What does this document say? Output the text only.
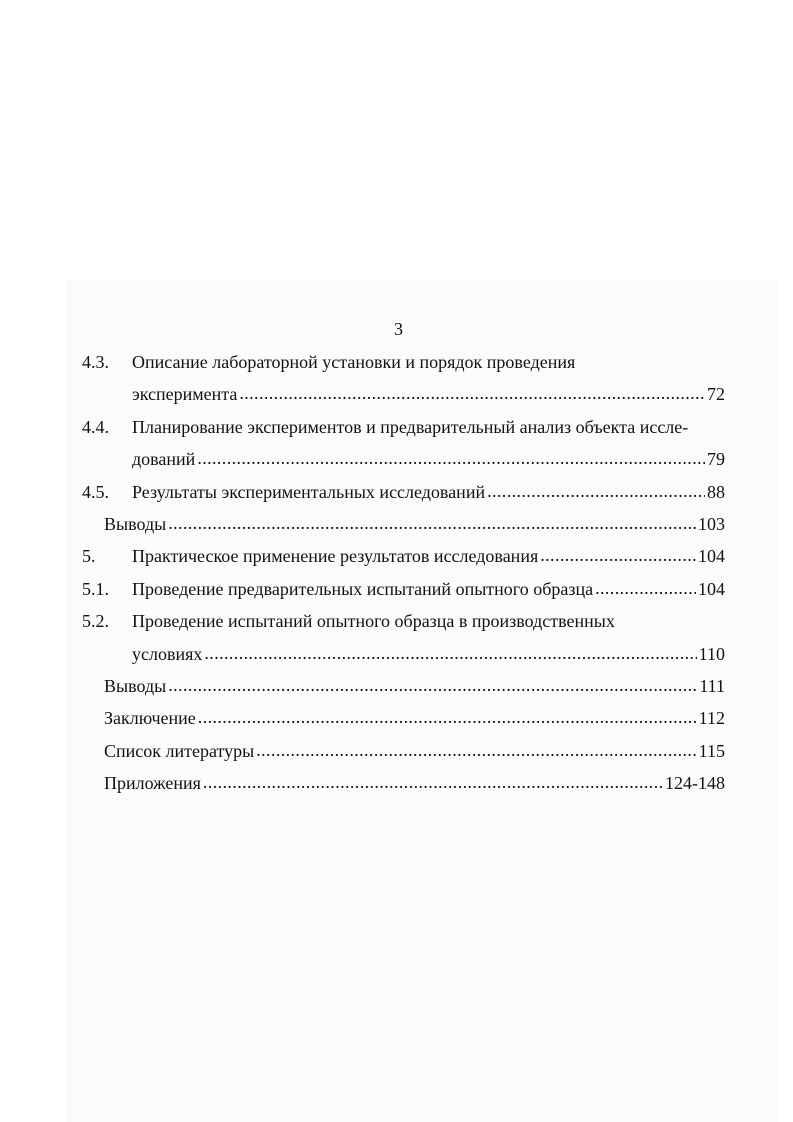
3
4.3.	Описание лабораторной установки и порядок проведения
эксперимента .....	72
4.4.	Планирование экспериментов и предварительный анализ объекта иссле-
дований .....	79
4.5.	Результаты экспериментальных исследований .....	88
Выводы .....	103
5.	Практическое применение результатов исследования .....	104
5.1.	Проведение предварительных испытаний опытного образца .....	104
5.2.	Проведение испытаний опытного образца в производственных
условиях .....	110
Выводы .....	111
Заключение .....	112
Список литературы .....	115
Приложения .....	124-148
